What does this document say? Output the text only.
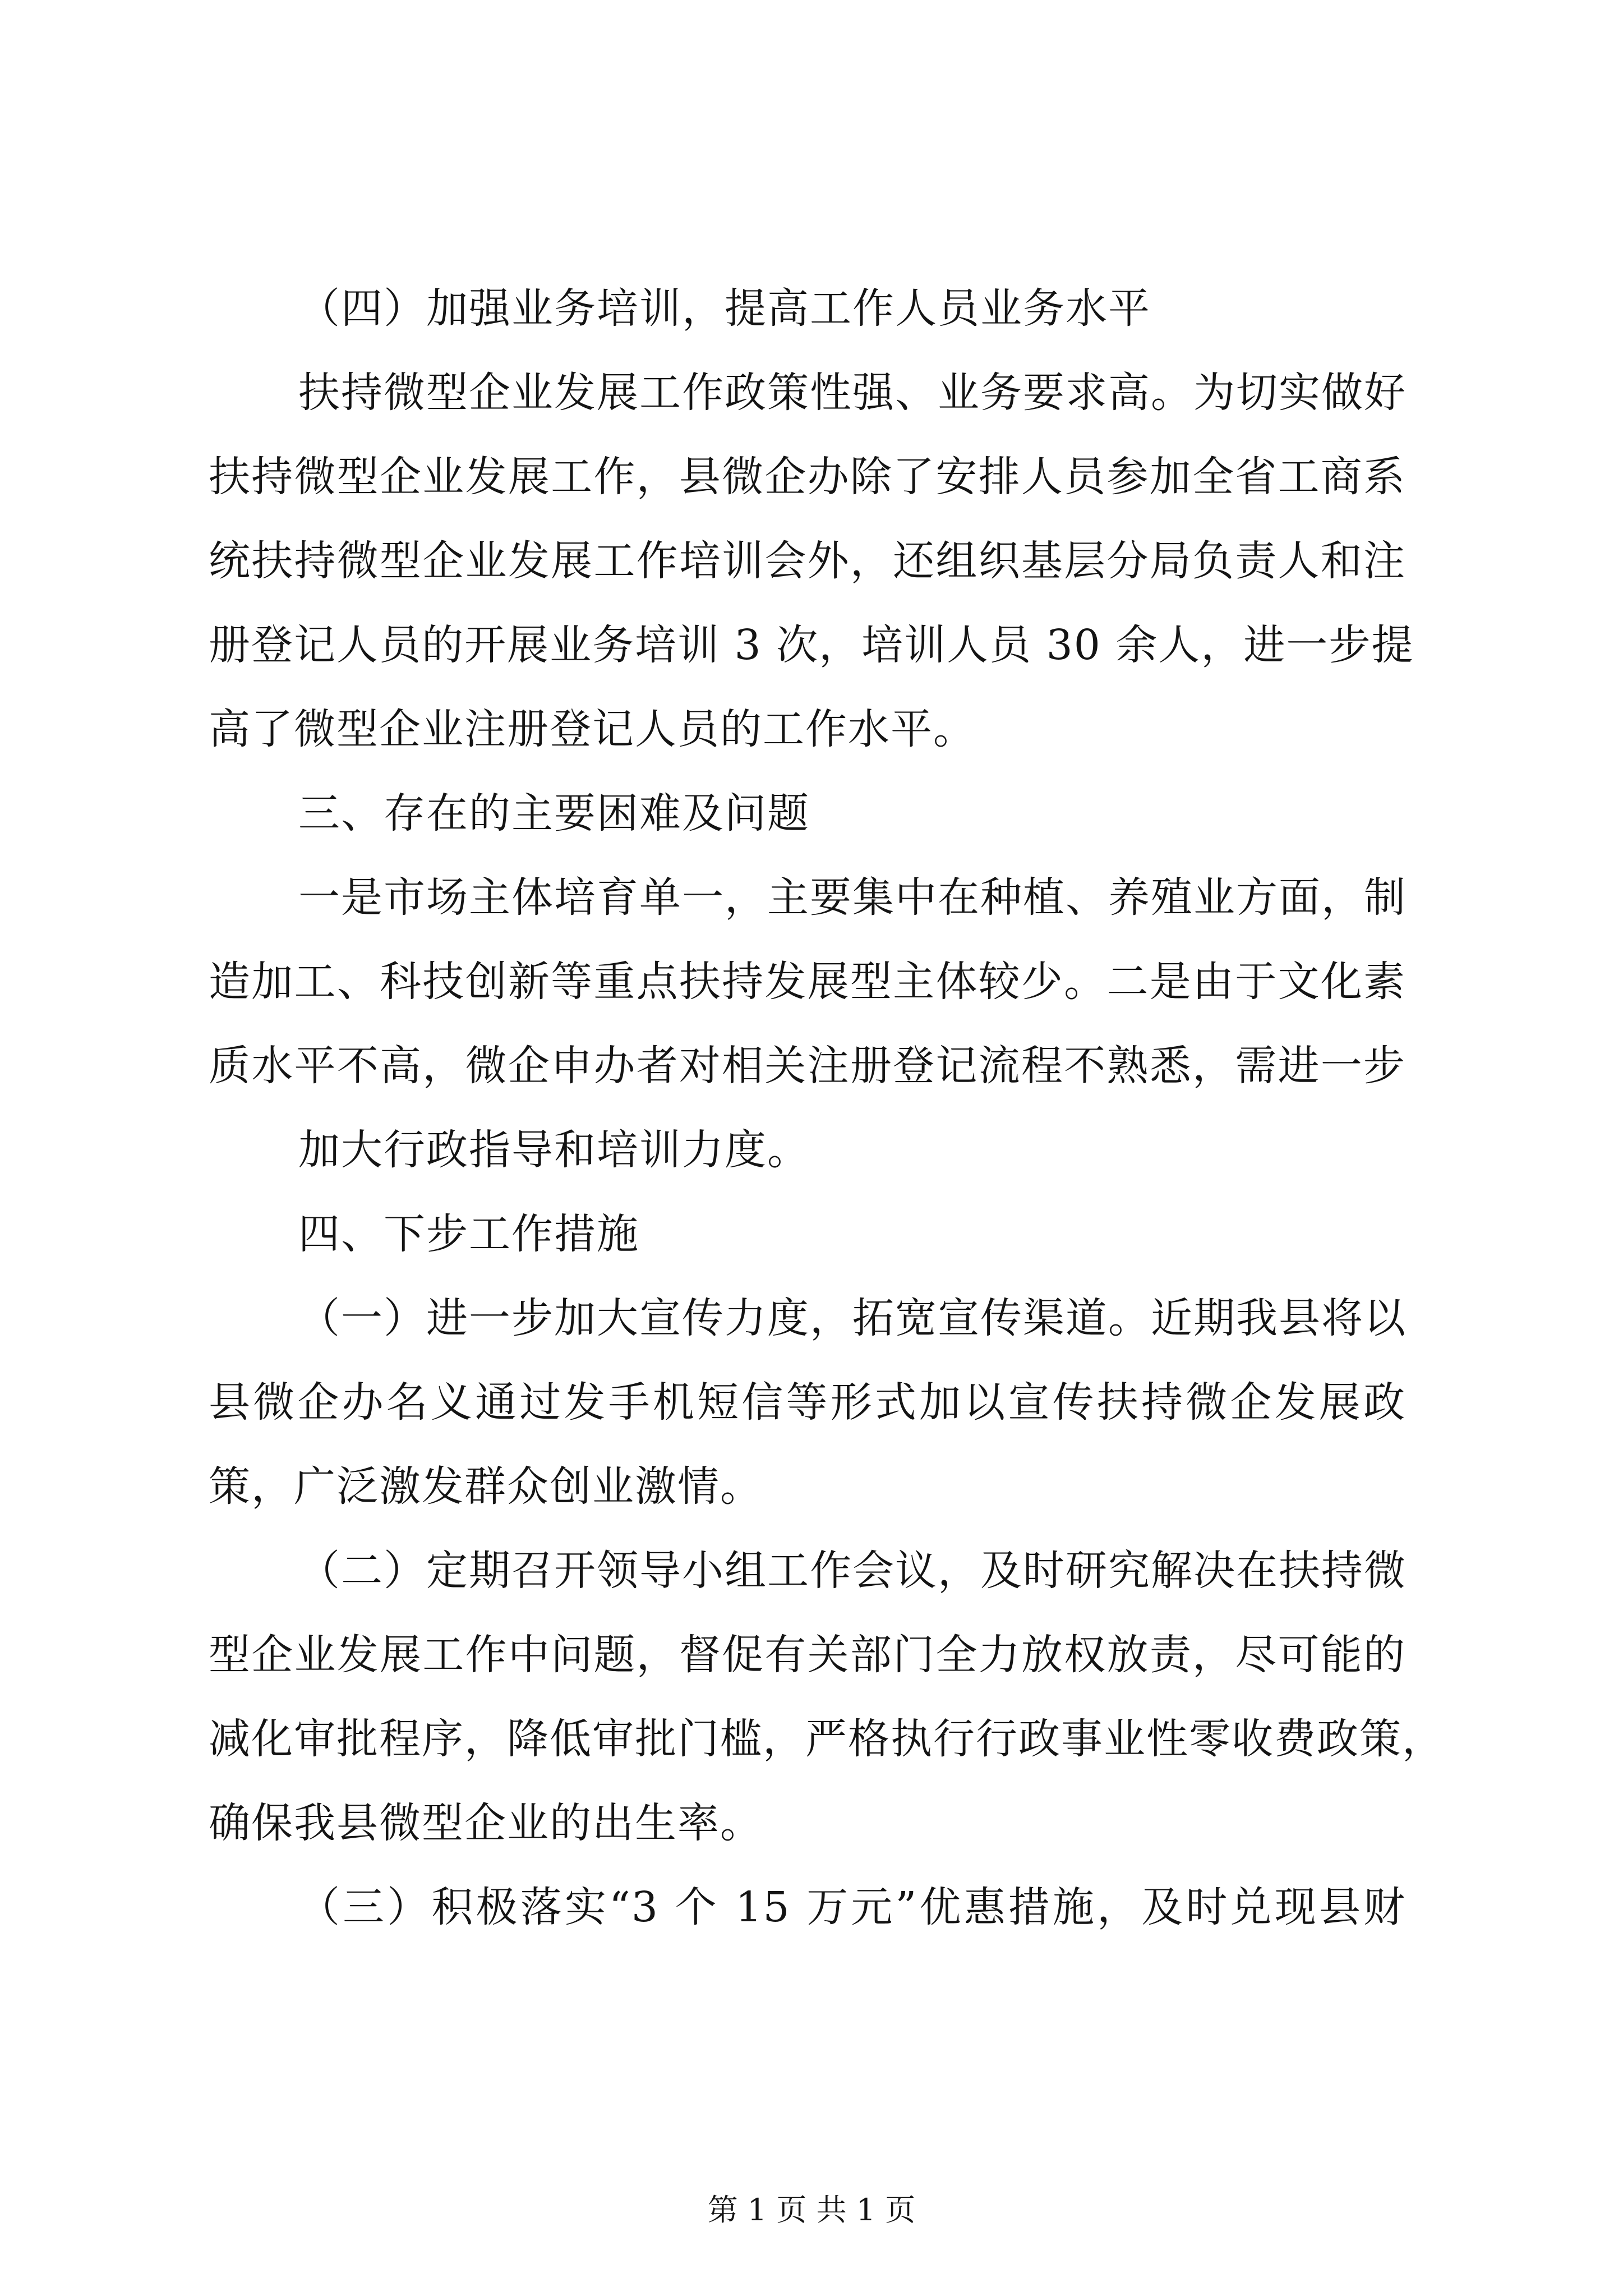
（四）加强业务培训，提高工作人员业务水平
扶持微型企业发展工作政策性强、业务要求高。为切实做好
扶持微型企业发展工作，县微企办除了安排人员参加全省工商系
统扶持微型企业发展工作培训会外，还组织基层分局负责人和注
册登记人员的开展业务培训 3 次，培训人员 30 余人，进一步提
高了微型企业注册登记人员的工作水平。
三、存在的主要困难及问题
一是市场主体培育单一，主要集中在种植、养殖业方面，制
造加工、科技创新等重点扶持发展型主体较少。二是由于文化素
质水平不高，微企申办者对相关注册登记流程不熟悉，需进一步
加大行政指导和培训力度。
四、下步工作措施
（一）进一步加大宣传力度，拓宽宣传渠道。近期我县将以
县微企办名义通过发手机短信等形式加以宣传扶持微企发展政
策，广泛激发群众创业激情。
（二）定期召开领导小组工作会议，及时研究解决在扶持微
型企业发展工作中问题，督促有关部门全力放权放责，尽可能的
减化审批程序，降低审批门槛，严格执行行政事业性零收费政策，
确保我县微型企业的出生率。
（三）积极落实“3 个 15 万元”优惠措施，及时兑现县财
第 1 页 共 1 页
